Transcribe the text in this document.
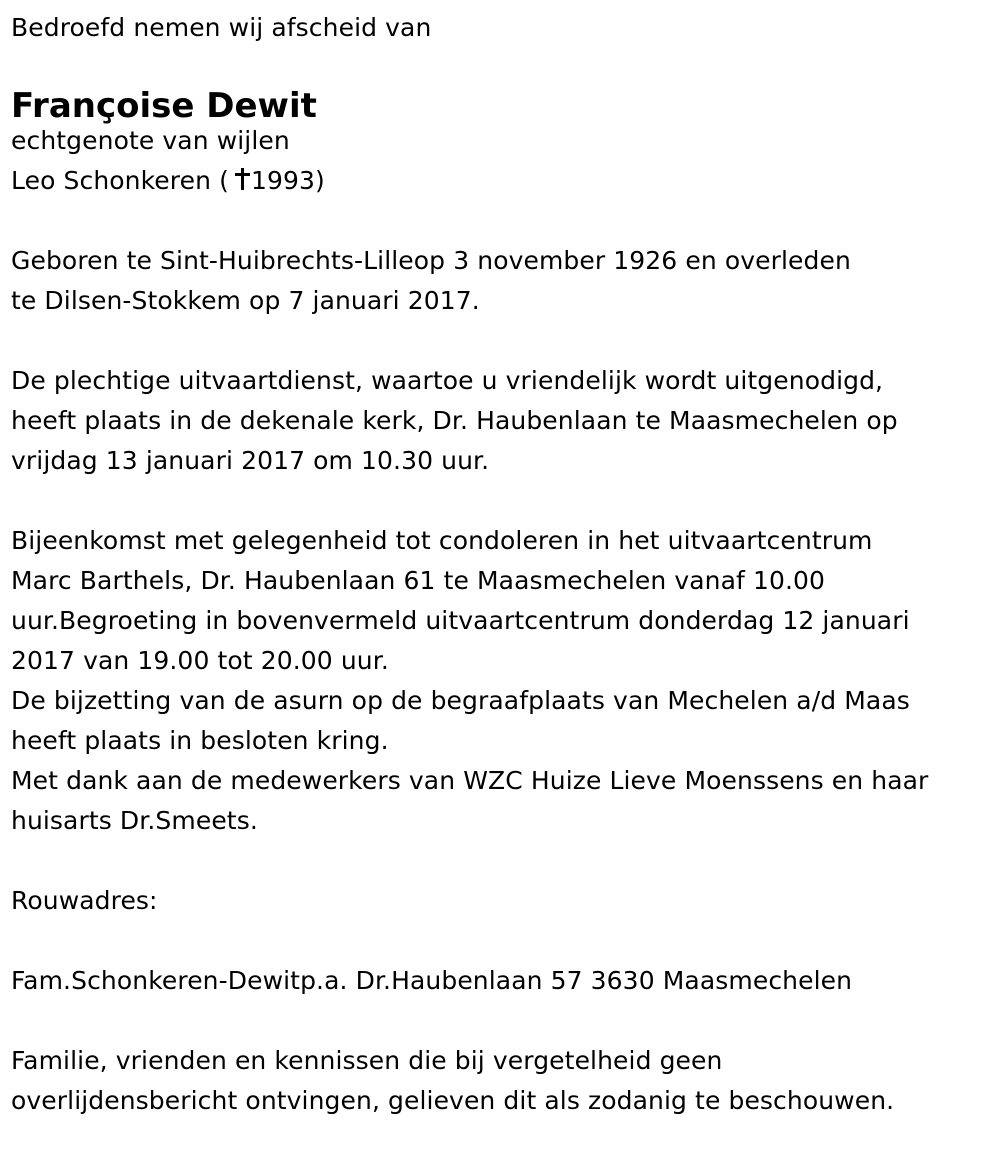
Bedroefd nemen wij afscheid van
Françoise Dewit
echtgenote van wijlen
Leo Schonkeren ( 1993)
Geboren te Sint-Huibrechts-Lilleop 3 november 1926 en overleden
te Dilsen-Stokkem op 7 januari 2017.
De plechtige uitvaartdienst, waartoe u vriendelijk wordt uitgenodigd,
heeft plaats in de dekenale kerk, Dr. Haubenlaan te Maasmechelen op
vrijdag 13 januari 2017 om 10.30 uur.
Bijeenkomst met gelegenheid tot condoleren in het uitvaartcentrum
Marc Barthels, Dr. Haubenlaan 61 te Maasmechelen vanaf 10.00
uur.Begroeting in bovenvermeld uitvaartcentrum donderdag 12 januari
2017 van 19.00 tot 20.00 uur.
De bijzetting van de asurn op de begraafplaats van Mechelen a/d Maas
heeft plaats in besloten kring.
Met dank aan de medewerkers van WZC Huize Lieve Moenssens en haar
huisarts Dr.Smeets.
Rouwadres:
Fam.Schonkeren-Dewitp.a. Dr.Haubenlaan 57 3630 Maasmechelen
Familie, vrienden en kennissen die bij vergetelheid geen
overlijdensbericht ontvingen, gelieven dit als zodanig te beschouwen.
